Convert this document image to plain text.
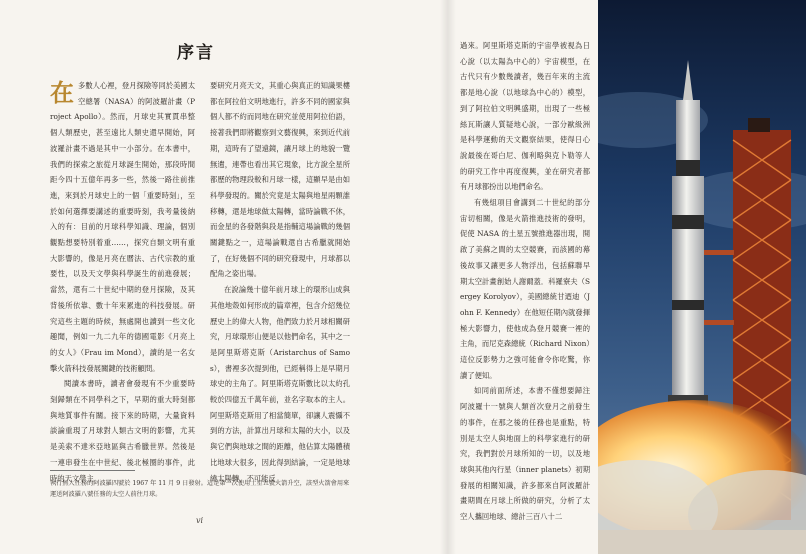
序言
在 多數人心裡，登月探險等同於美國太空總署（NASA）的阿波羅計畫（Project Apollo）。然而，月球史其實貫串整個人類歷史，甚至遠比人類史還早開始，阿波羅計畫不過是其中一小部分。在本書中，我們的探索之旅從月球誕生開始，那段時間距今四十五億年再多一些，然後一路往前推進，來到於月球史上的一個「重要時刻」，至於如何選擇要講述的重要時刻，我考量後納入的有：目前的月球科學知識、理論，個別觀點想要特別着重……，探究自類文明有重大影響的，像是月亮在曆法、古代宗教的重要性，以及天文學與科學誕生的前進發展；當然，還有二十世紀中期的登月探險，及其背後所依靠、數十年來累進的科技發展。研究這些主題的時候，無處開也讀到一些文化趣聞，例如一九二九年的德國電影《月亮上的女人》（Frau im Mond），讀的是一名女擊火箭科技發展關鍵的技術顧問。

閱讀本書時，讀者會發現有不少重要時刻歸類在不同學科之下，早期的重大時刻都與地質事件有關。接下來的時期，大量資料談論重現了月球對人類古文明的影響，尤其是美索不達米亞地區與古希臘世界。然後是一連串發生在中世紀、後北極圈的事件，此時的天文學主

要研究月亮天文，其重心與真正的知識果樓都在阿拉伯文明地進行，許多不同的國家與個人都不約而同地在研究並使用阿拉伯語，接著我們即將觀察到文藝復興，來到近代前期，這時有了望遠鏡，讓月球上的地貌一覽無遺，連帶也看出其它現象，比方說全星所都歷的物理段較和月球一樣，這顯早是由如科學發現的。關於究竟是太陽與地星兩顆誰移轉，還是地球做太陽轉，當時論戰不休，而金星的各發階與段是指輔這場論戰的幾個關鍵點之一，這場論戰還自古希臘就開始了，在好幾個不同的研究發現中，月球都以配角之姿出場。

在說論幾十億年前月球上的環形山成與其他地殼如何形成的篇章裡，包含介紹幾位歷史上的偉大人物，他們致力於月球相關研究，月球環形山便是以他們命名，其中之一是阿里斯塔克斯（Aristarchus of Samos），書裡多次提到他，已經稱得上是早期月球史的主角了。阿里斯塔克斯數比以太約孔較於四億五千萬年前，並名字取本的主人。阿里斯塔克斯用了相當簡單，卻讓人震懾不到的方法，計算出月球和太陽的大小，以及與它們與地球之間的距離，他佔算太陽體積比地球大很多，因此得到結論，一定是地球繞太陽轉，不可能反

過來。阿里斯塔克斯的宇宙學被視為日心說（以太陽為中心的）宇宙模型，在古代只有少數幾讀者，幾百年來的主流都是地心說（以地球為中心的）模型，到了阿拉伯文明興盛期，出現了一些極絲瓦斯讓人質疑地心說，一部分歐級洲是科學運動的天文觀察結果，使得日心說最後在哥白尼、伽利略與克卜勒等人的研究工作中再度復興，並在研究者都有月球都扮出以地們命名。

有幾組項目會講到二十世紀的部分宙切相關，像是火箭推進技術的發明，促使 NASA 的土星五號推進器出現，開啟了美蘇之間的太空競賽，而該國的幕後故事又讓更多人物浮出，包括蘇聯早期太空計畫創始人謝爾蓋．科羅寮夫（Sergey Korolyov），美國總統甘迺迪（John F. Kennedy）在他短任期內就發揮極大影響力，使他成為登月競賽一裡的主角，而尼克森總統（Richard Nixon）這位反影勢力之強可能會令你吃驚，你讀了便知。

如同前面所述，本書不僅想要歸注阿波羅十一號與人類首次登月之前發生的事件，在那之後的任務也是重點，特別是太空人與地面上的科學家進行的研究，我們對於月球所知的一切，以及地球與其他內行星（inner planets）初期發展的相關知識，許多都來自阿波羅計畫期間在月球上所做的研究，分析了太空人攜回地球、總計三百八十二

執行無人任務的阿波羅四號於 1967 年 11 月 9 日發射。這是第一次使用土星五號火箭升空，該型火箭會用來運送阿波羅八號任務的太空人前往月球。
vi
